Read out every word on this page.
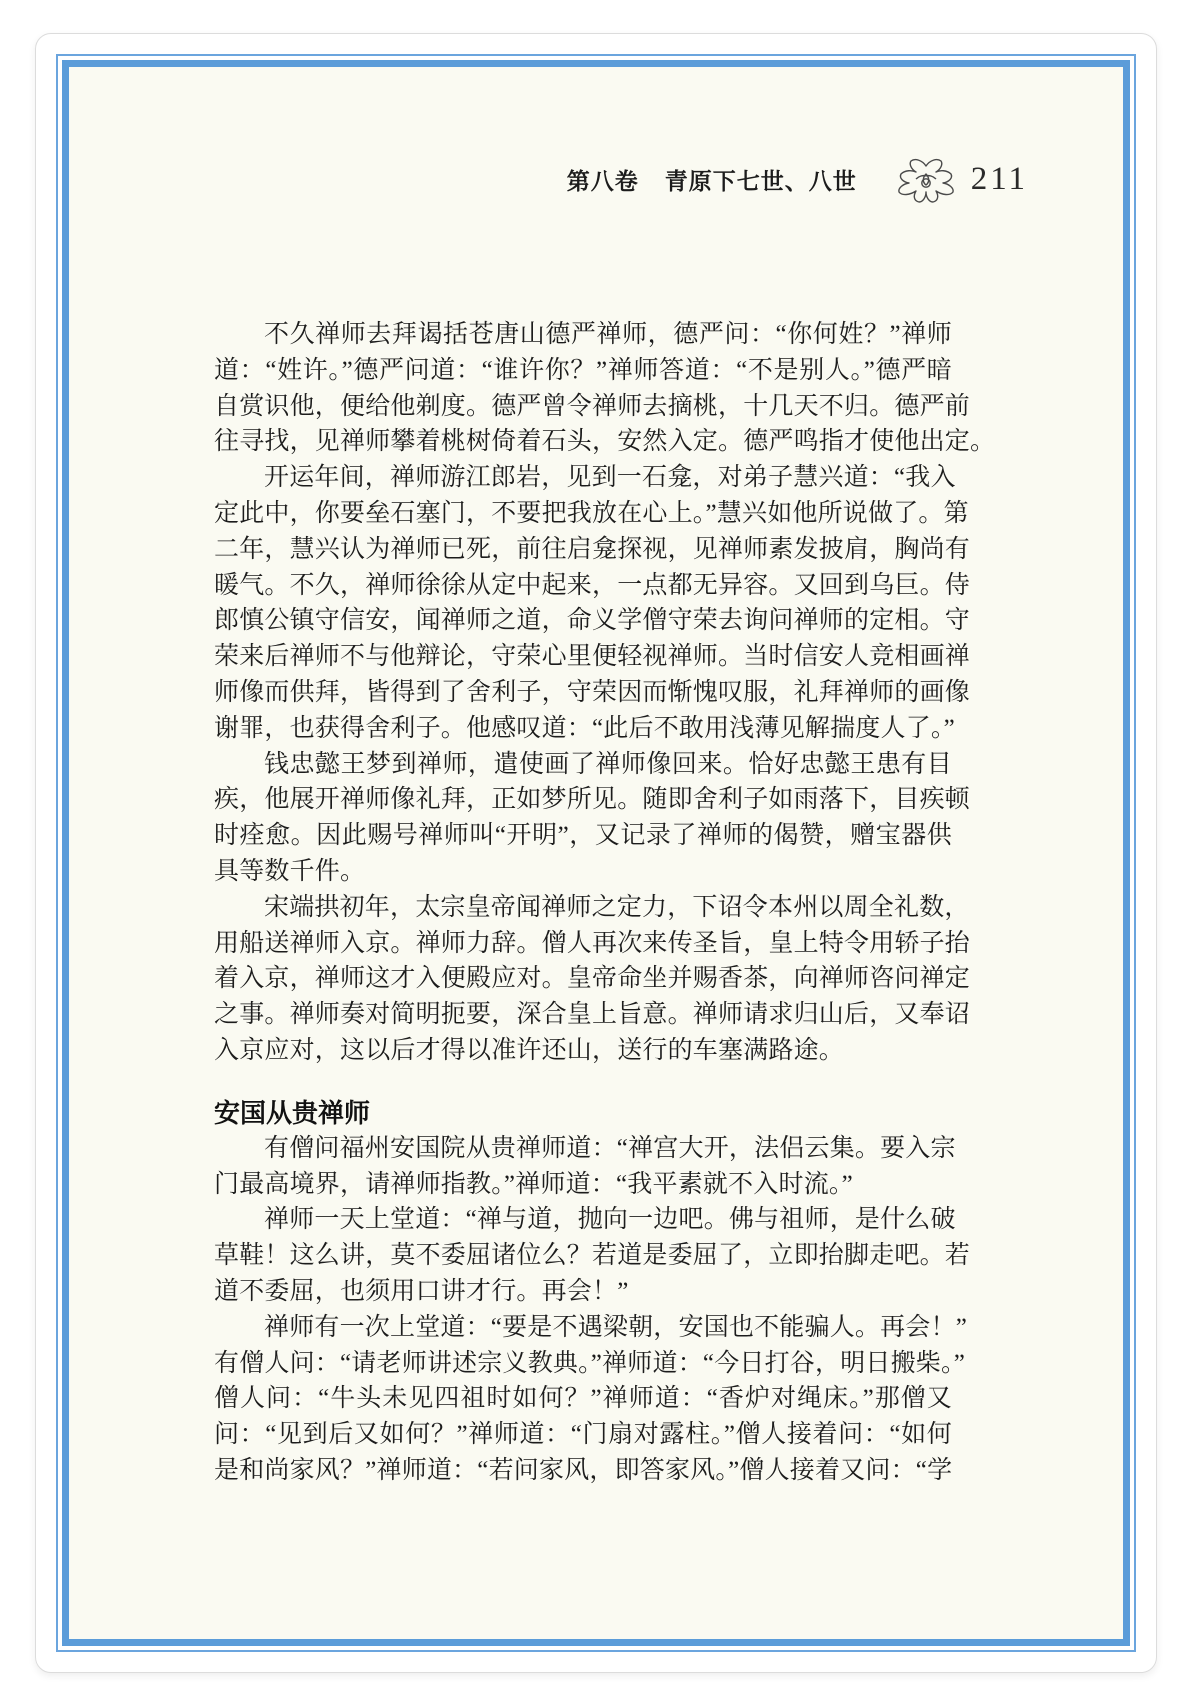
第八卷 青原下七世、八世	211
不久禅师去拜谒括苍唐山德严禅师，德严问：“你何姓？”禅师
道：“姓许。”德严问道：“谁许你？”禅师答道：“不是别人。”德严暗
自赏识他，便给他剃度。德严曾令禅师去摘桃，十几天不归。德严前
往寻找，见禅师攀着桃树倚着石头，安然入定。德严鸣指才使他出定。
开运年间，禅师游江郎岩，见到一石龛，对弟子慧兴道：“我入
定此中，你要垒石塞门，不要把我放在心上。”慧兴如他所说做了。第
二年，慧兴认为禅师已死，前往启龛探视，见禅师素发披肩，胸尚有
暖气。不久，禅师徐徐从定中起来，一点都无异容。又回到乌巨。侍
郎慎公镇守信安，闻禅师之道，命义学僧守荣去询问禅师的定相。守
荣来后禅师不与他辩论，守荣心里便轻视禅师。当时信安人竞相画禅
师像而供拜，皆得到了舍利子，守荣因而惭愧叹服，礼拜禅师的画像
谢罪，也获得舍利子。他感叹道：“此后不敢用浅薄见解揣度人了。”
钱忠懿王梦到禅师，遣使画了禅师像回来。恰好忠懿王患有目
疾，他展开禅师像礼拜，正如梦所见。随即舍利子如雨落下，目疾顿
时痊愈。因此赐号禅师叫“开明”，又记录了禅师的偈赞，赠宝器供
具等数千件。
宋端拱初年，太宗皇帝闻禅师之定力，下诏令本州以周全礼数，
用船送禅师入京。禅师力辞。僧人再次来传圣旨，皇上特令用轿子抬
着入京，禅师这才入便殿应对。皇帝命坐并赐香茶，向禅师咨问禅定
之事。禅师奏对简明扼要，深合皇上旨意。禅师请求归山后，又奉诏
入京应对，这以后才得以准许还山，送行的车塞满路途。
安国从贵禅师
有僧问福州安国院从贵禅师道：“禅宫大开，法侣云集。要入宗
门最高境界，请禅师指教。”禅师道：“我平素就不入时流。”
禅师一天上堂道：“禅与道，抛向一边吧。佛与祖师，是什么破
草鞋！这么讲，莫不委屈诸位么？若道是委屈了，立即抬脚走吧。若
道不委屈，也须用口讲才行。再会！”
禅师有一次上堂道：“要是不遇梁朝，安国也不能骗人。再会！”
有僧人问：“请老师讲述宗义教典。”禅师道：“今日打谷，明日搬柴。”
僧人问：“牛头未见四祖时如何？”禅师道：“香炉对绳床。”那僧又
问：“见到后又如何？”禅师道：“门扇对露柱。”僧人接着问：“如何
是和尚家风？”禅师道：“若问家风，即答家风。”僧人接着又问：“学
